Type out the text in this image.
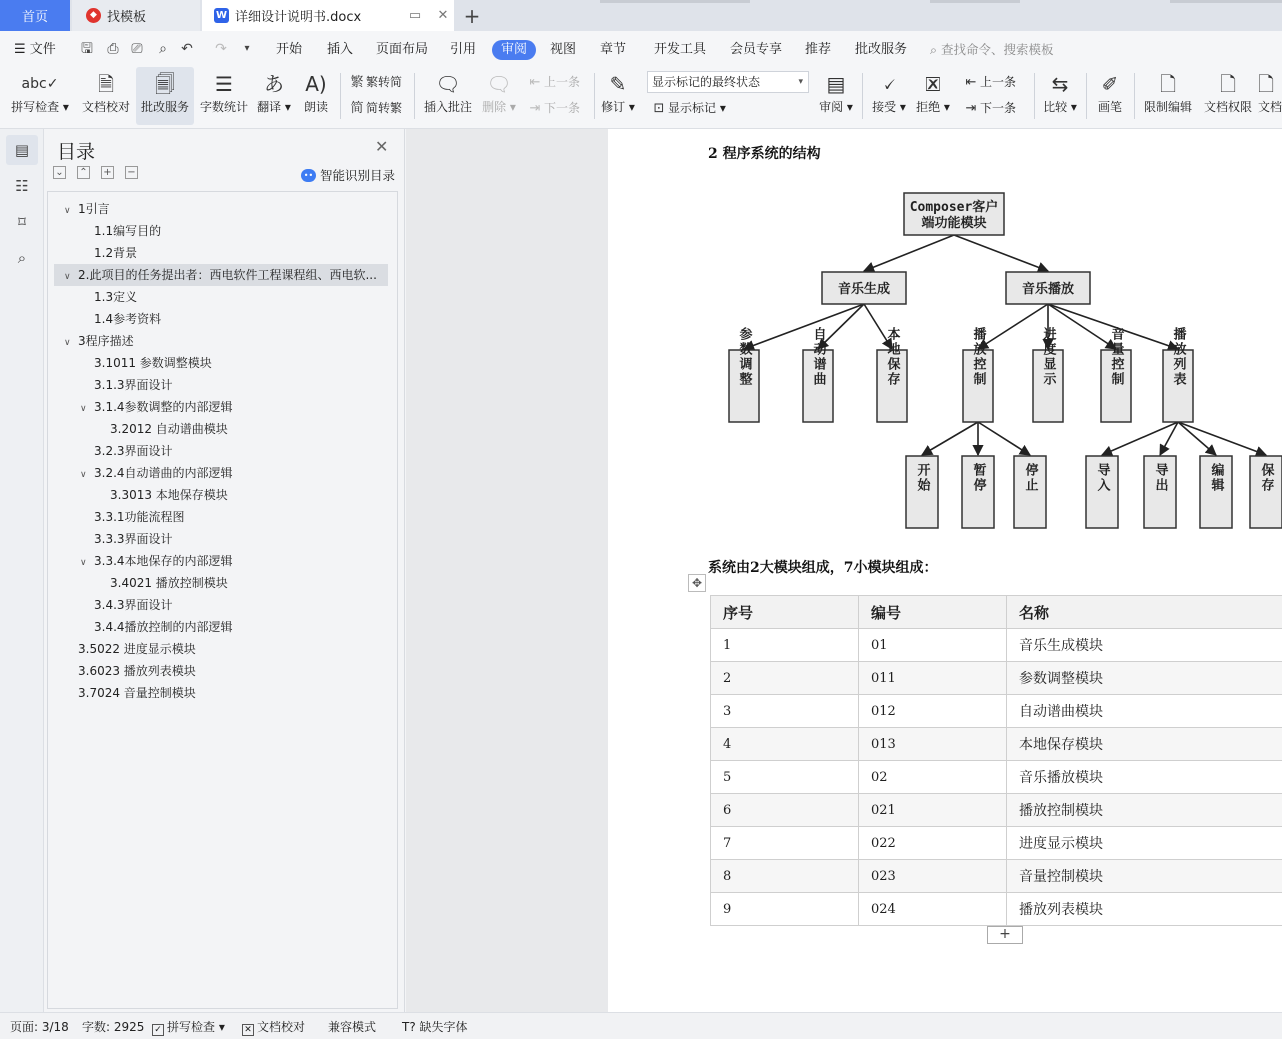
首页	◆ 找模板	W 详细设计说明书.docx	▭	✕ +
☰ 文件 🖫 ⎙ ⎚	⌕	↶ ↷	▾	开始 插入 页面布局 引用	审阅	视图 章节 开发工具 会员专享 推荐 批改服务 ⌕ 查找命令、搜索模板
abc✓
拼写检查 ▾
🗎
文档校对
🗐
批改服务
☰
字数统计
あ
翻译 ▾
A)
朗读
繁 繁转简
简 简转繁
🗨
插入批注
🗨
删除 ▾
⇤ 上一条
⇥ 下一条
✎
修订 ▾
显示标记的最终状态	▾
⊡ 显示标记 ▾
▤
审阅 ▾
🗸
接受 ▾
🗷
拒绝 ▾
⇤ 上一条
⇥ 下一条
⇆
比较 ▾
✐
画笔
🗋
限制编辑
🗋
文档权限
🗋
文档
▤
☷
⌑
⌕
目录	✕
⌄ ⌃ + −	•• 智能识别目录
∨ 1引言
1.1编写目的
1.2背景
∨ 2.此项目的任务提出者：西电软件工程课程组、西电软...
1.3定义
1.4参考资料
∨ 3程序描述
3.1011 参数调整模块
3.1.3界面设计
∨ 3.1.4参数调整的内部逻辑
3.2012 自动谱曲模块
3.2.3界面设计
∨ 3.2.4自动谱曲的内部逻辑
3.3013 本地保存模块
3.3.1功能流程图
3.3.3界面设计
∨ 3.3.4本地保存的内部逻辑
3.4021 播放控制模块
3.4.3界面设计
3.4.4播放控制的内部逻辑
3.5022 进度显示模块
3.6023 播放列表模块
3.7024 音量控制模块
2 程序系统的结构
Composer客户
端功能模块
音乐生成	音乐播放
参数调整	自动谱曲	本地保存	播放控制	进度显示	音量控制	播放列表
开始	暂停	停止	导入	导出	编辑	保存
系统由2大模块组成，7小模块组成：
✥
序号	编号	名称
1	01	音乐生成模块
2	011	参数调整模块
3	012	自动谱曲模块
4	013	本地保存模块
5	02	音乐播放模块
6	021	播放控制模块
7	022	进度显示模块
8	023	音量控制模块
9	024	播放列表模块
+
页面: 3/18 字数: 2925 ✓ 拼写检查 ▾ ✕ 文档校对 兼容模式 T? 缺失字体
